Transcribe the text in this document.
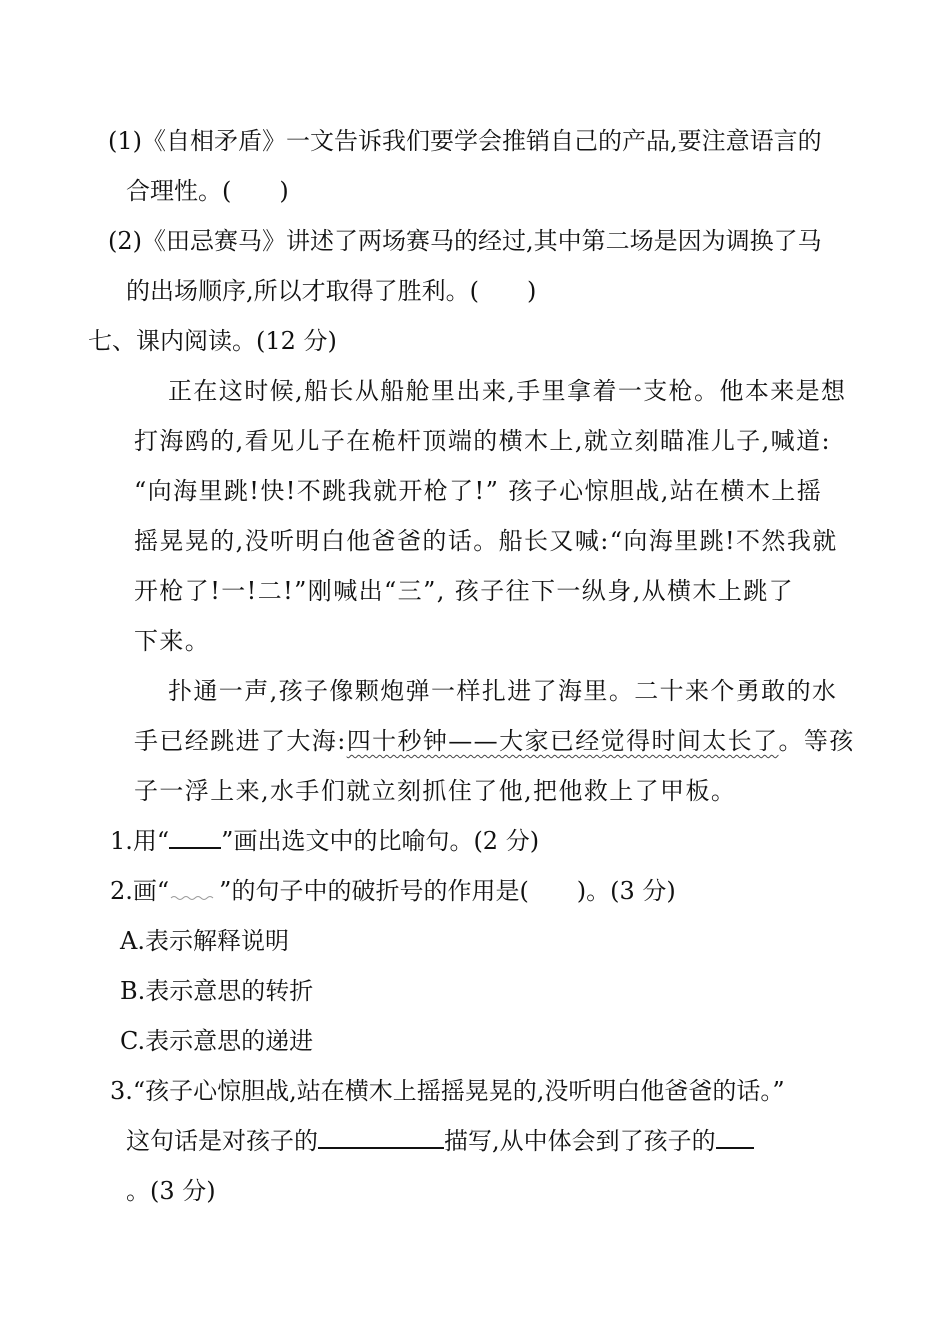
(1)《自相矛盾》一文告诉我们要学会推销自己的产品,要注意语言的

合理性。(　　)

(2)《田忌赛马》讲述了两场赛马的经过,其中第二场是因为调换了马

的出场顺序,所以才取得了胜利。(　　)

七、课内阅读。(12 分)

正在这时候,船长从船舱里出来,手里拿着一支枪。他本来是想

打海鸥的,看见儿子在桅杆顶端的横木上,就立刻瞄准儿子,喊道:

“向海里跳!快!不跳我就开枪了!” 孩子心惊胆战,站在横木上摇

摇晃晃的,没听明白他爸爸的话。船长又喊:“向海里跳!不然我就

开枪了!一!二!”刚喊出“三”, 孩子往下一纵身,从横木上跳了

下来。

扑通一声,孩子像颗炮弹一样扎进了海里。二十来个勇敢的水

手已经跳进了大海:四十秒钟——大家已经觉得时间太长了。等孩

子一浮上来,水手们就立刻抓住了他,把他救上了甲板。

1.用“ ”画出选文中的比喻句。(2 分)

2.画“ ”的句子中的破折号的作用是(　　)。(3 分)

A.表示解释说明

B.表示意思的转折

C.表示意思的递进

3.“孩子心惊胆战,站在横木上摇摇晃晃的,没听明白他爸爸的话。”

这句话是对孩子的	描写,从中体会到了孩子的

。(3 分)
